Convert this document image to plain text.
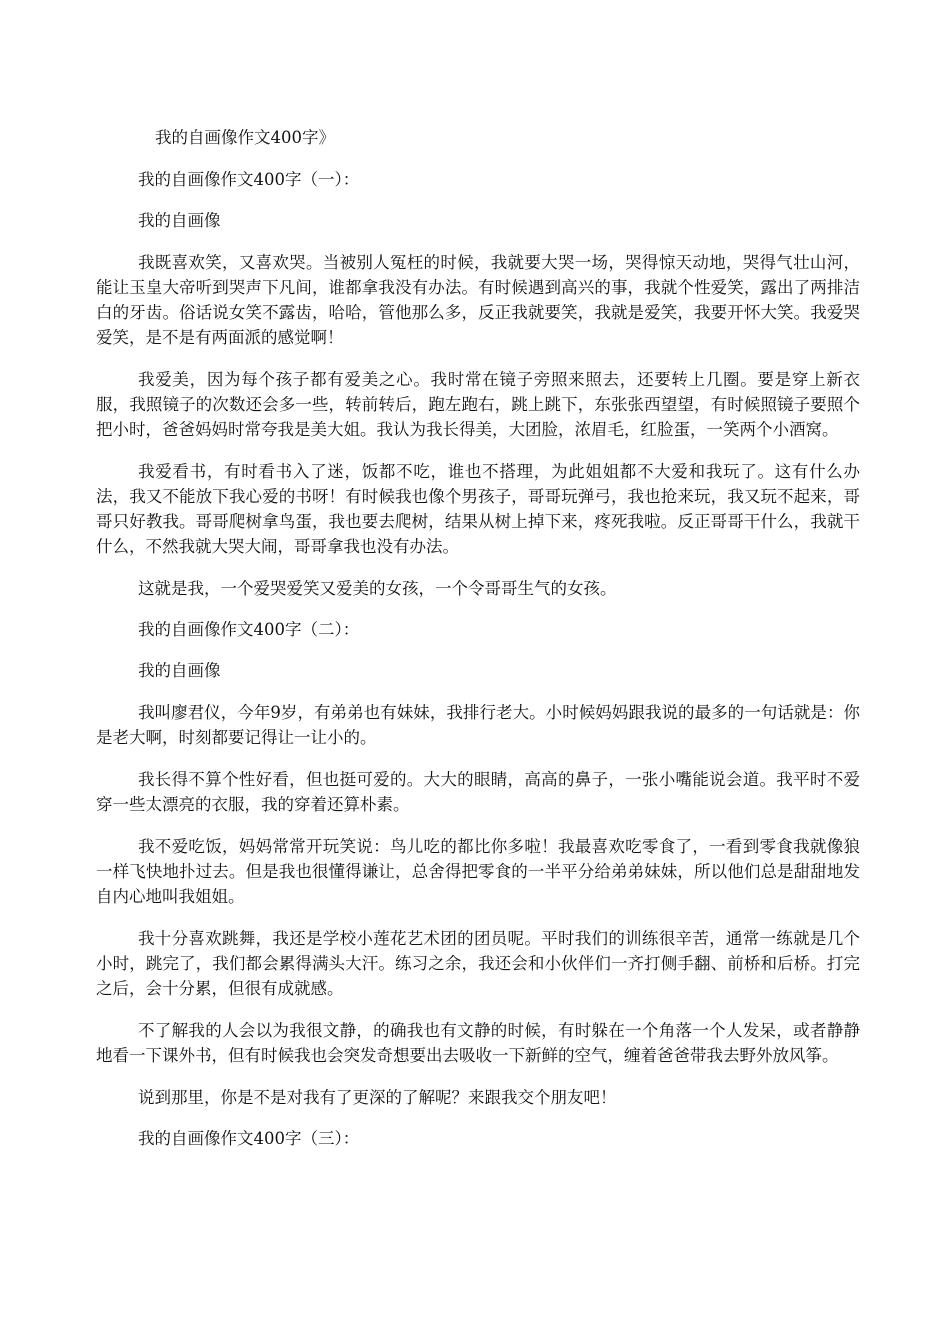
我的自画像作文400字》
我的自画像作文400字（一）：
我的自画像

我既喜欢笑，又喜欢哭。当被别人冤枉的时候，我就要大哭一场，哭得惊天动地，哭得气壮山河，能让玉皇大帝听到哭声下凡间，谁都拿我没有办法。有时候遇到高兴的事，我就个性爱笑，露出了两排洁白的牙齿。俗话说女笑不露齿，哈哈，管他那么多，反正我就要笑，我就是爱笑，我要开怀大笑。我爱哭爱笑，是不是有两面派的感觉啊！

我爱美，因为每个孩子都有爱美之心。我时常在镜子旁照来照去，还要转上几圈。要是穿上新衣服，我照镜子的次数还会多一些，转前转后，跑左跑右，跳上跳下，东张张西望望，有时候照镜子要照个把小时，爸爸妈妈时常夸我是美大姐。我认为我长得美，大团脸，浓眉毛，红脸蛋，一笑两个小酒窝。

我爱看书，有时看书入了迷，饭都不吃，谁也不搭理，为此姐姐都不大爱和我玩了。这有什么办法，我又不能放下我心爱的书呀！有时候我也像个男孩子，哥哥玩弹弓，我也抢来玩，我又玩不起来，哥哥只好教我。哥哥爬树拿鸟蛋，我也要去爬树，结果从树上掉下来，疼死我啦。反正哥哥干什么，我就干什么，不然我就大哭大闹，哥哥拿我也没有办法。

这就是我，一个爱哭爱笑又爱美的女孩，一个令哥哥生气的女孩。

我的自画像作文400字（二）：
我的自画像

我叫廖君仪，今年9岁，有弟弟也有妹妹，我排行老大。小时候妈妈跟我说的最多的一句话就是：你是老大啊，时刻都要记得让一让小的。

我长得不算个性好看，但也挺可爱的。大大的眼睛，高高的鼻子，一张小嘴能说会道。我平时不爱穿一些太漂亮的衣服，我的穿着还算朴素。

我不爱吃饭，妈妈常常开玩笑说：鸟儿吃的都比你多啦！我最喜欢吃零食了，一看到零食我就像狼一样飞快地扑过去。但是我也很懂得谦让，总舍得把零食的一半平分给弟弟妹妹，所以他们总是甜甜地发自内心地叫我姐姐。

我十分喜欢跳舞，我还是学校小莲花艺术团的团员呢。平时我们的训练很辛苦，通常一练就是几个小时，跳完了，我们都会累得满头大汗。练习之余，我还会和小伙伴们一齐打侧手翻、前桥和后桥。打完之后，会十分累，但很有成就感。

不了解我的人会以为我很文静，的确我也有文静的时候，有时躲在一个角落一个人发呆，或者静静地看一下课外书，但有时候我也会突发奇想要出去吸收一下新鲜的空气，缠着爸爸带我去野外放风筝。

说到那里，你是不是对我有了更深的了解呢？来跟我交个朋友吧！

我的自画像作文400字（三）：
